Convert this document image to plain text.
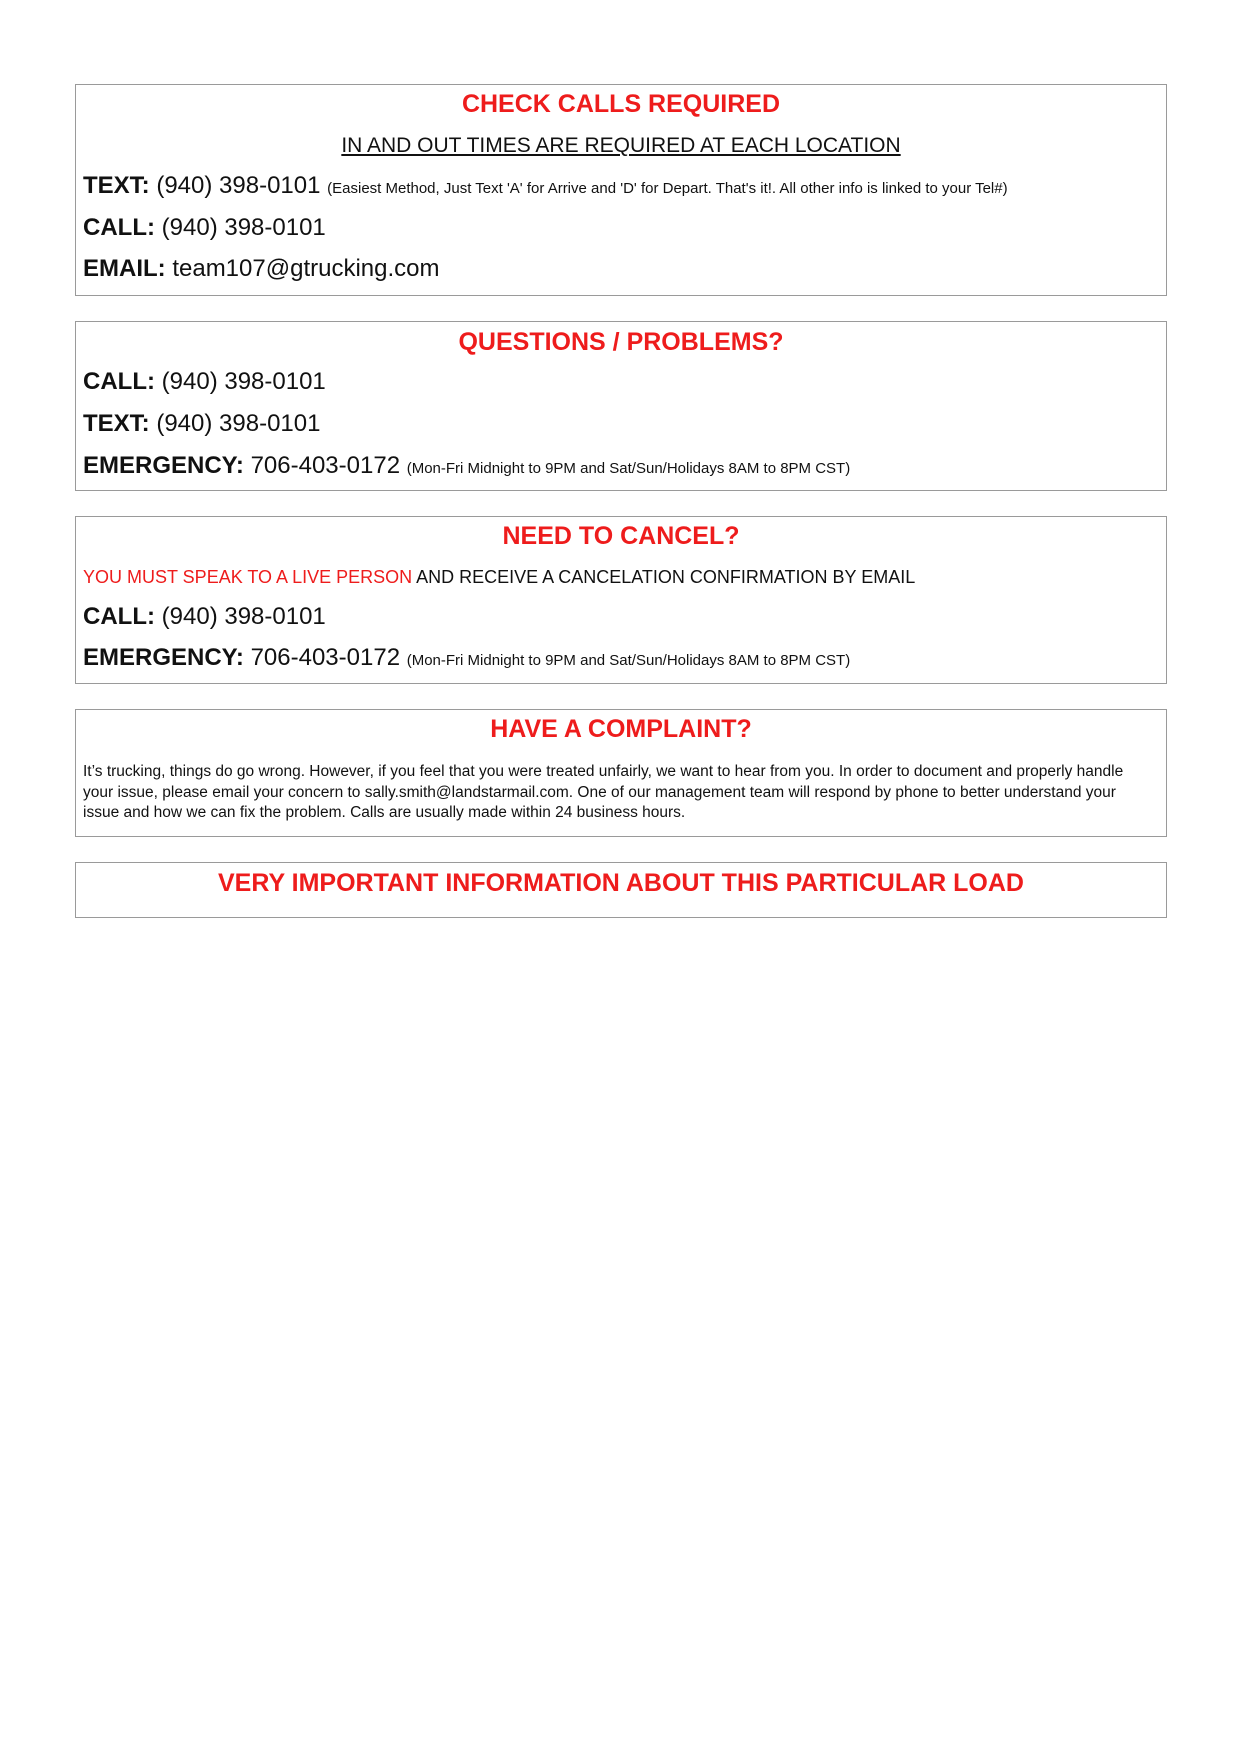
CHECK CALLS REQUIRED
IN AND OUT TIMES ARE REQUIRED AT EACH LOCATION
TEXT: (940) 398-0101 (Easiest Method, Just Text 'A' for Arrive and 'D' for Depart. That's it!. All other info is linked to your Tel#)
CALL: (940) 398-0101
EMAIL: team107@gtrucking.com
QUESTIONS / PROBLEMS?
CALL: (940) 398-0101
TEXT: (940) 398-0101
EMERGENCY: 706-403-0172 (Mon-Fri Midnight to 9PM and Sat/Sun/Holidays 8AM to 8PM CST)
NEED TO CANCEL?
YOU MUST SPEAK TO A LIVE PERSON AND RECEIVE A CANCELATION CONFIRMATION BY EMAIL
CALL: (940) 398-0101
EMERGENCY: 706-403-0172 (Mon-Fri Midnight to 9PM and Sat/Sun/Holidays 8AM to 8PM CST)
HAVE A COMPLAINT?
It’s trucking, things do go wrong. However, if you feel that you were treated unfairly, we want to hear from you. In order to document and properly handle your issue, please email your concern to sally.smith@landstarmail.com. One of our management team will respond by phone to better understand your issue and how we can fix the problem. Calls are usually made within 24 business hours.
VERY IMPORTANT INFORMATION ABOUT THIS PARTICULAR LOAD
